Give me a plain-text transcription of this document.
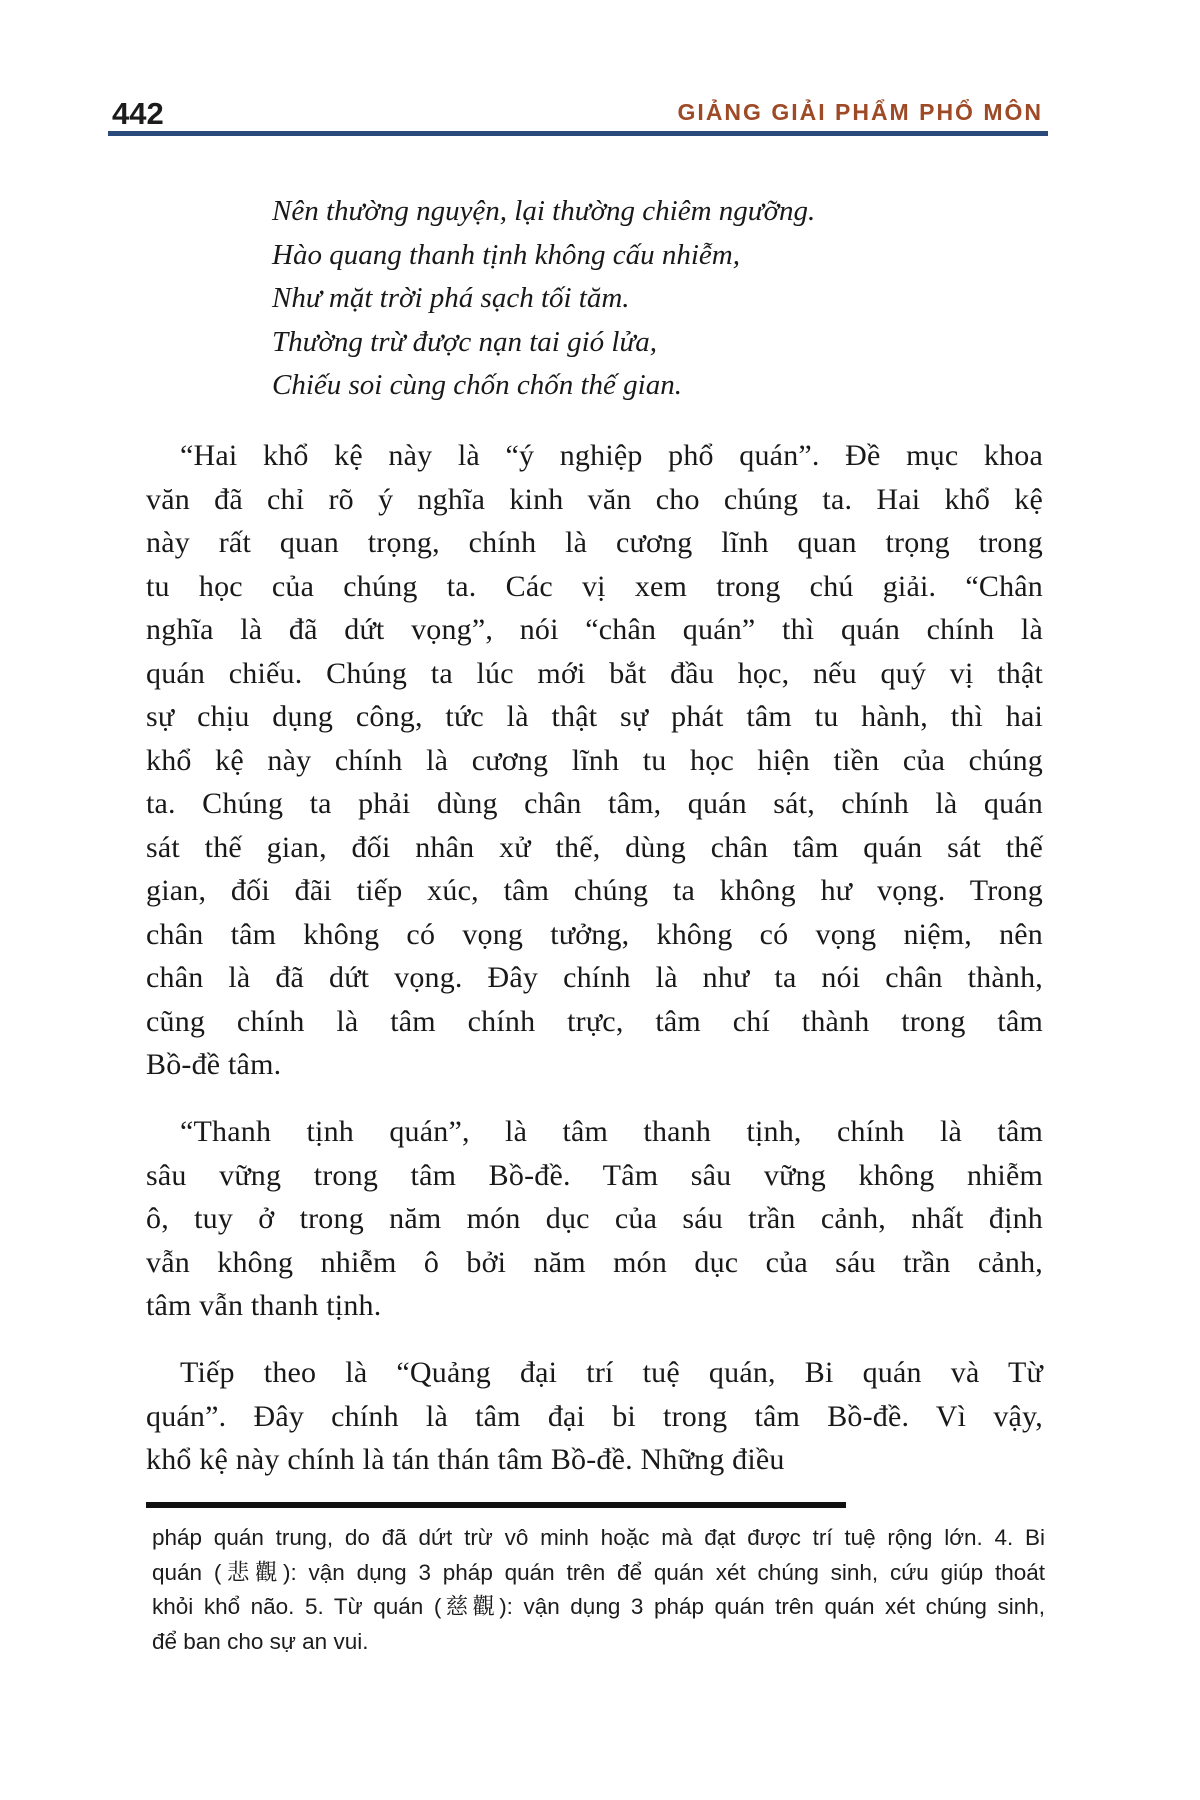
442	GIẢNG GIẢI PHẨM PHỔ MÔN
Nên thường nguyện, lại thường chiêm ngưỡng.
Hào quang thanh tịnh không cấu nhiễm,
Như mặt trời phá sạch tối tăm.
Thường trừ được nạn tai gió lửa,
Chiếu soi cùng chốn chốn thế gian.
“Hai khổ kệ này là “ý nghiệp phổ quán”. Đề mục khoa
văn đã chỉ rõ ý nghĩa kinh văn cho chúng ta. Hai khổ kệ
này rất quan trọng, chính là cương lĩnh quan trọng trong
tu học của chúng ta. Các vị xem trong chú giải. “Chân
nghĩa là đã dứt vọng”, nói “chân quán” thì quán chính là
quán chiếu. Chúng ta lúc mới bắt đầu học, nếu quý vị thật
sự chịu dụng công, tức là thật sự phát tâm tu hành, thì hai
khổ kệ này chính là cương lĩnh tu học hiện tiền của chúng
ta. Chúng ta phải dùng chân tâm, quán sát, chính là quán
sát thế gian, đối nhân xử thế, dùng chân tâm quán sát thế
gian, đối đãi tiếp xúc, tâm chúng ta không hư vọng. Trong
chân tâm không có vọng tưởng, không có vọng niệm, nên
chân là đã dứt vọng. Đây chính là như ta nói chân thành,
cũng chính là tâm chính trực, tâm chí thành trong tâm
Bồ-đề tâm.
“Thanh tịnh quán”, là tâm thanh tịnh, chính là tâm
sâu vững trong tâm Bồ-đề. Tâm sâu vững không nhiễm
ô, tuy ở trong năm món dục của sáu trần cảnh, nhất định
vẫn không nhiễm ô bởi năm món dục của sáu trần cảnh,
tâm vẫn thanh tịnh.
Tiếp theo là “Quảng đại trí tuệ quán, Bi quán và Từ
quán”. Đây chính là tâm đại bi trong tâm Bồ-đề. Vì vậy,
khổ kệ này chính là tán thán tâm Bồ-đề. Những điều
pháp quán trung, do đã dứt trừ vô minh hoặc mà đạt được trí tuệ rộng lớn. 4. Bi
quán (悲觀): vận dụng 3 pháp quán trên để quán xét chúng sinh, cứu giúp thoát
khỏi khổ não. 5. Từ quán (慈觀): vận dụng 3 pháp quán trên quán xét chúng sinh,
để ban cho sự an vui.
